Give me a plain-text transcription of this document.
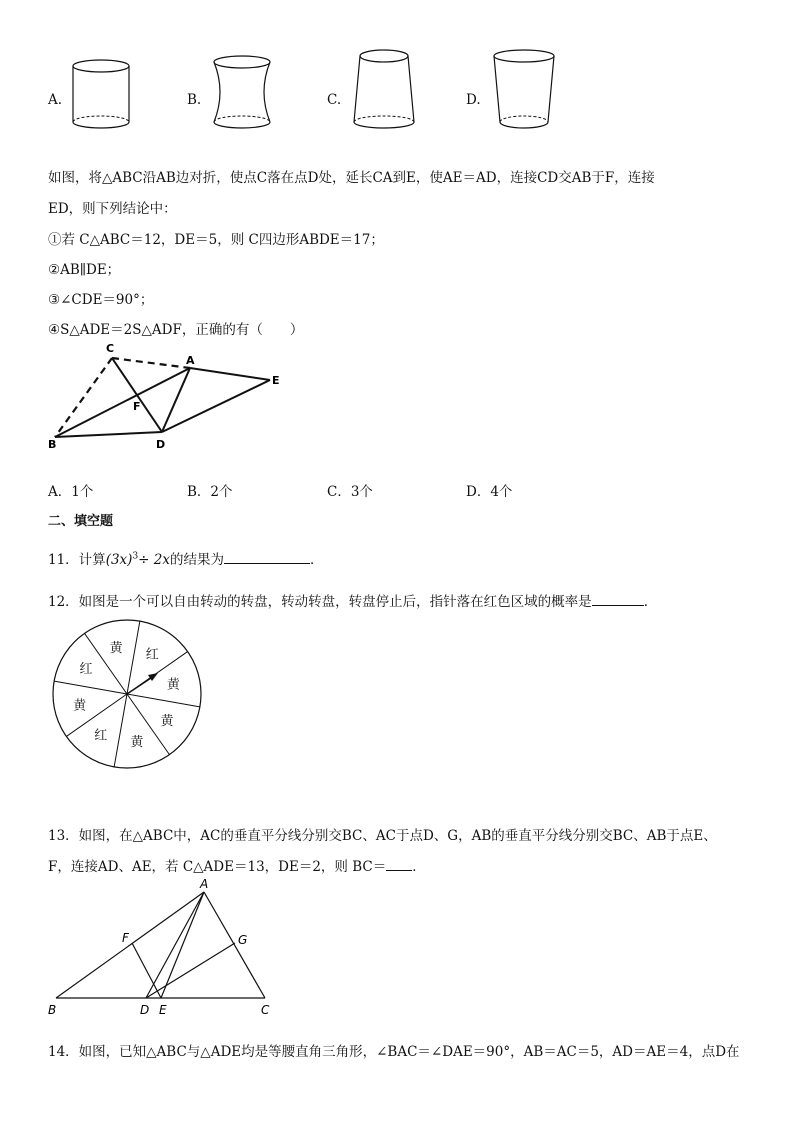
A.	B.	C.	D.
如图，将△ABC沿AB边对折，使点C落在点D处，延长CA到E，使AE＝AD，连接CD交AB于F，连接
ED，则下列结论中：
①若 C△ABC＝12，DE＝5，则 C四边形ABDE＝17；
②AB∥DE；
③∠CDE＝90°；
④S△ADE＝2S△ADF，正确的有（　　）
C
A
E
F
B	D
A．1个	B．2个	C．3个	D．4个
二、填空题
11．计算$(3x)^3\div 2x$的结果为	．
12．如图是一个可以自由转动的转盘，转动转盘，转盘停止后，指针落在红色区域的概率是	．
红
黄
黄
黄
红
黄
红
黄
13．如图，在△ABC中，AC的垂直平分线分别交BC、AC于点D、G，AB的垂直平分线分别交BC、AB于点E、
F，连接AD、AE，若 C△ADE＝13，DE＝2，则 BC＝ ．
A
F	G
B	D E	C
14．如图，已知△ABC与△ADE均是等腰直角三角形，∠BAC＝∠DAE＝90°，AB＝AC＝5，AD＝AE＝4，点D在
